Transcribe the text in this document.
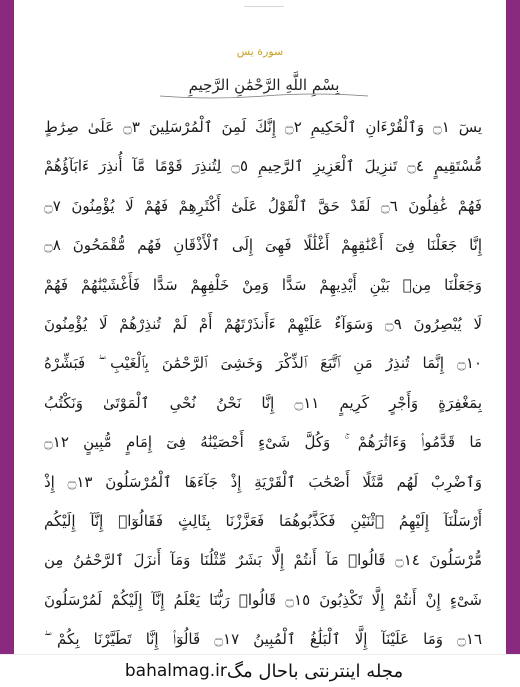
سورة يس
بِسْمِ اللَّهِ الرَّحْمَٰنِ الرَّحِيمِ
يسٓ ۝١ وَٱلْقُرْءَانِ ٱلْحَكِيمِ ۝٢ إِنَّكَ لَمِنَ ٱلْمُرْسَلِينَ ۝٣ عَلَىٰ صِرَٰطٍ
مُّسْتَقِيمٍ ۝٤ تَنزِيلَ ٱلْعَزِيزِ ٱلرَّحِيمِ ۝٥ لِتُنذِرَ قَوْمًا مَّآ أُنذِرَ ءَابَآؤُهُمْ
فَهُمْ غَٰفِلُونَ ۝٦ لَقَدْ حَقَّ ٱلْقَوْلُ عَلَىٰٓ أَكْثَرِهِمْ فَهُمْ لَا يُؤْمِنُونَ ۝٧
إِنَّا جَعَلْنَا فِىٓ أَعْنَٰقِهِمْ أَغْلَٰلًا فَهِىَ إِلَى ٱلْأَذْقَانِ فَهُم مُّقْمَحُونَ ۝٨
وَجَعَلْنَا مِنۢ بَيْنِ أَيْدِيهِمْ سَدًّا وَمِنْ خَلْفِهِمْ سَدًّا فَأَغْشَيْنَٰهُمْ فَهُمْ
لَا يُبْصِرُونَ ۝٩ وَسَوَآءٌ عَلَيْهِمْ ءَأَنذَرْتَهُمْ أَمْ لَمْ تُنذِرْهُمْ لَا يُؤْمِنُونَ
۝١٠ إِنَّمَا تُنذِرُ مَنِ ٱتَّبَعَ ٱلذِّكْرَ وَخَشِىَ ٱلرَّحْمَٰنَ بِٱلْغَيْبِ ۖ فَبَشِّرْهُ
بِمَغْفِرَةٍ وَأَجْرٍ كَرِيمٍ ۝١١ إِنَّا نَحْنُ نُحْىِ ٱلْمَوْتَىٰ وَنَكْتُبُ
مَا قَدَّمُوا۟ وَءَاثَٰرَهُمْ ۚ وَكُلَّ شَىْءٍ أَحْصَيْنَٰهُ فِىٓ إِمَامٍ مُّبِينٍ ۝١٢
وَٱضْرِبْ لَهُم مَّثَلًا أَصْحَٰبَ ٱلْقَرْيَةِ إِذْ جَآءَهَا ٱلْمُرْسَلُونَ ۝١٣ إِذْ
أَرْسَلْنَآ إِلَيْهِمُ ٱثْنَيْنِ فَكَذَّبُوهُمَا فَعَزَّزْنَا بِثَالِثٍ فَقَالُوٓا۟ إِنَّآ إِلَيْكُم
مُّرْسَلُونَ ۝١٤ قَالُوا۟ مَآ أَنتُمْ إِلَّا بَشَرٌ مِّثْلُنَا وَمَآ أَنزَلَ ٱلرَّحْمَٰنُ مِن
شَىْءٍ إِنْ أَنتُمْ إِلَّا تَكْذِبُونَ ۝١٥ قَالُوا۟ رَبُّنَا يَعْلَمُ إِنَّآ إِلَيْكُمْ لَمُرْسَلُونَ
۝١٦ وَمَا عَلَيْنَآ إِلَّا ٱلْبَلَٰغُ ٱلْمُبِينُ ۝١٧ قَالُوٓا۟ إِنَّا تَطَيَّرْنَا بِكُمْ ۖ
bahalmag.ir مجله اینترنتی باحال مگ
